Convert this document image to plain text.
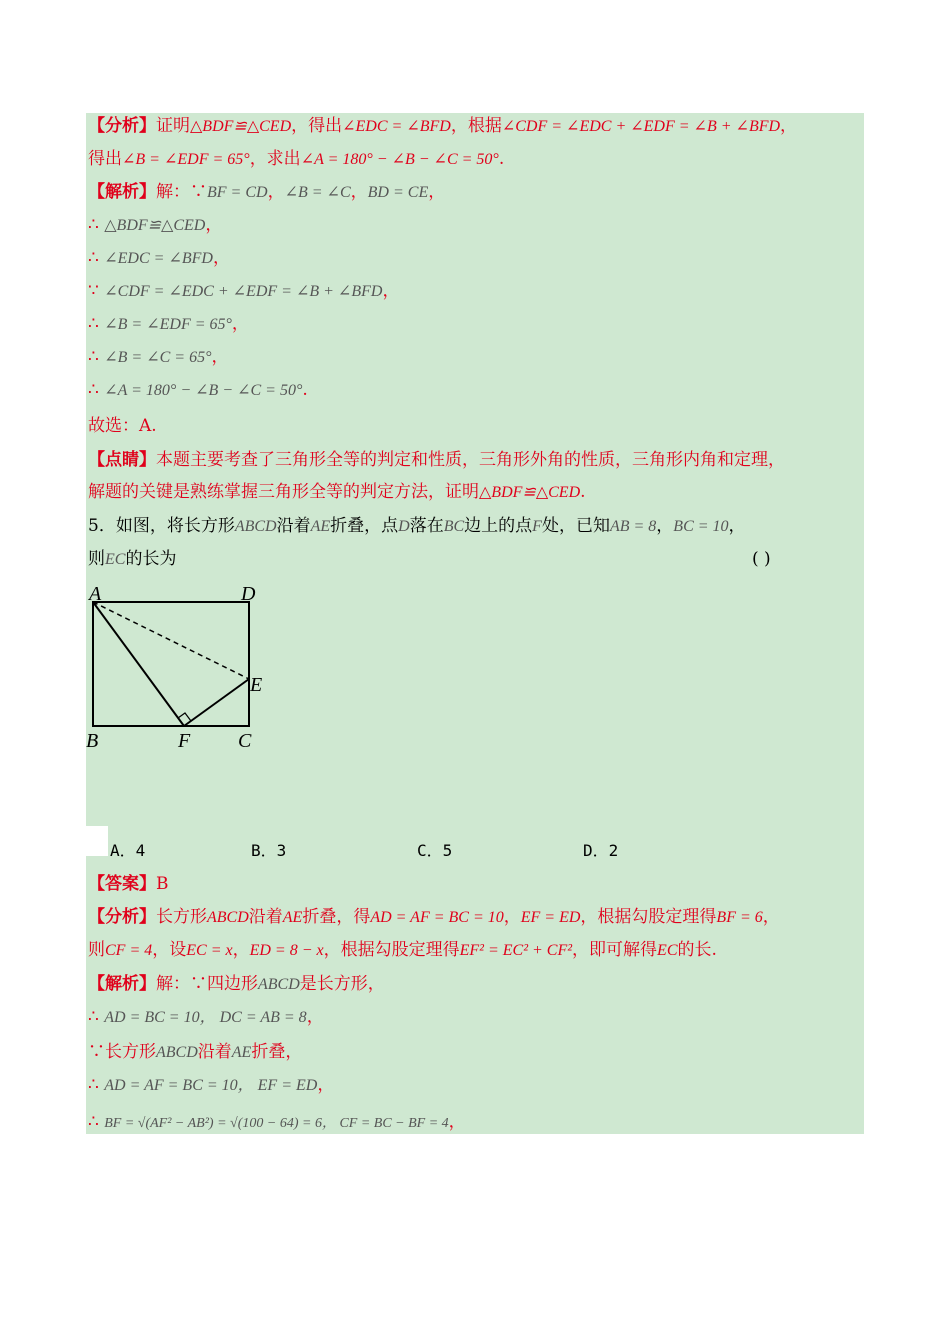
【分析】证明△BDF≌△CED，得出∠EDC = ∠BFD，根据∠CDF = ∠EDC + ∠EDF = ∠B + ∠BFD，
得出∠B = ∠EDF = 65°，求出∠A = 180° − ∠B − ∠C = 50°.
【解析】解：∵BF = CD，∠B = ∠C，BD = CE，
∴ △BDF≌△CED，
∴ ∠EDC = ∠BFD，
∵ ∠CDF = ∠EDC + ∠EDF = ∠B + ∠BFD，
∴ ∠B = ∠EDF = 65°，
∴ ∠B = ∠C = 65°，
∴ ∠A = 180° − ∠B − ∠C = 50°.
故选：A.
【点睛】本题主要考查了三角形全等的判定和性质，三角形外角的性质，三角形内角和定理，
解题的关键是熟练掌握三角形全等的判定方法，证明△BDF≌△CED.
5．如图，将长方形ABCD沿着AE折叠，点D落在BC边上的点F处，已知AB = 8，BC = 10，
则EC的长为	( )
A	D
E
B	F C
A．4	B．3	C．5	D．2
【答案】B
【分析】长方形ABCD沿着AE折叠，得AD = AF = BC = 10，EF = ED，根据勾股定理得BF = 6，
则CF = 4，设EC = x，ED = 8 − x，根据勾股定理得EF² = EC² + CF²，即可解得EC的长.
【解析】解：∵四边形ABCD是长方形，
∴ AD = BC = 10， DC = AB = 8，
∵长方形ABCD沿着AE折叠，
∴ AD = AF = BC = 10， EF = ED，
∴ BF = √(AF² − AB²) = √(100 − 64) = 6， CF = BC − BF = 4，
